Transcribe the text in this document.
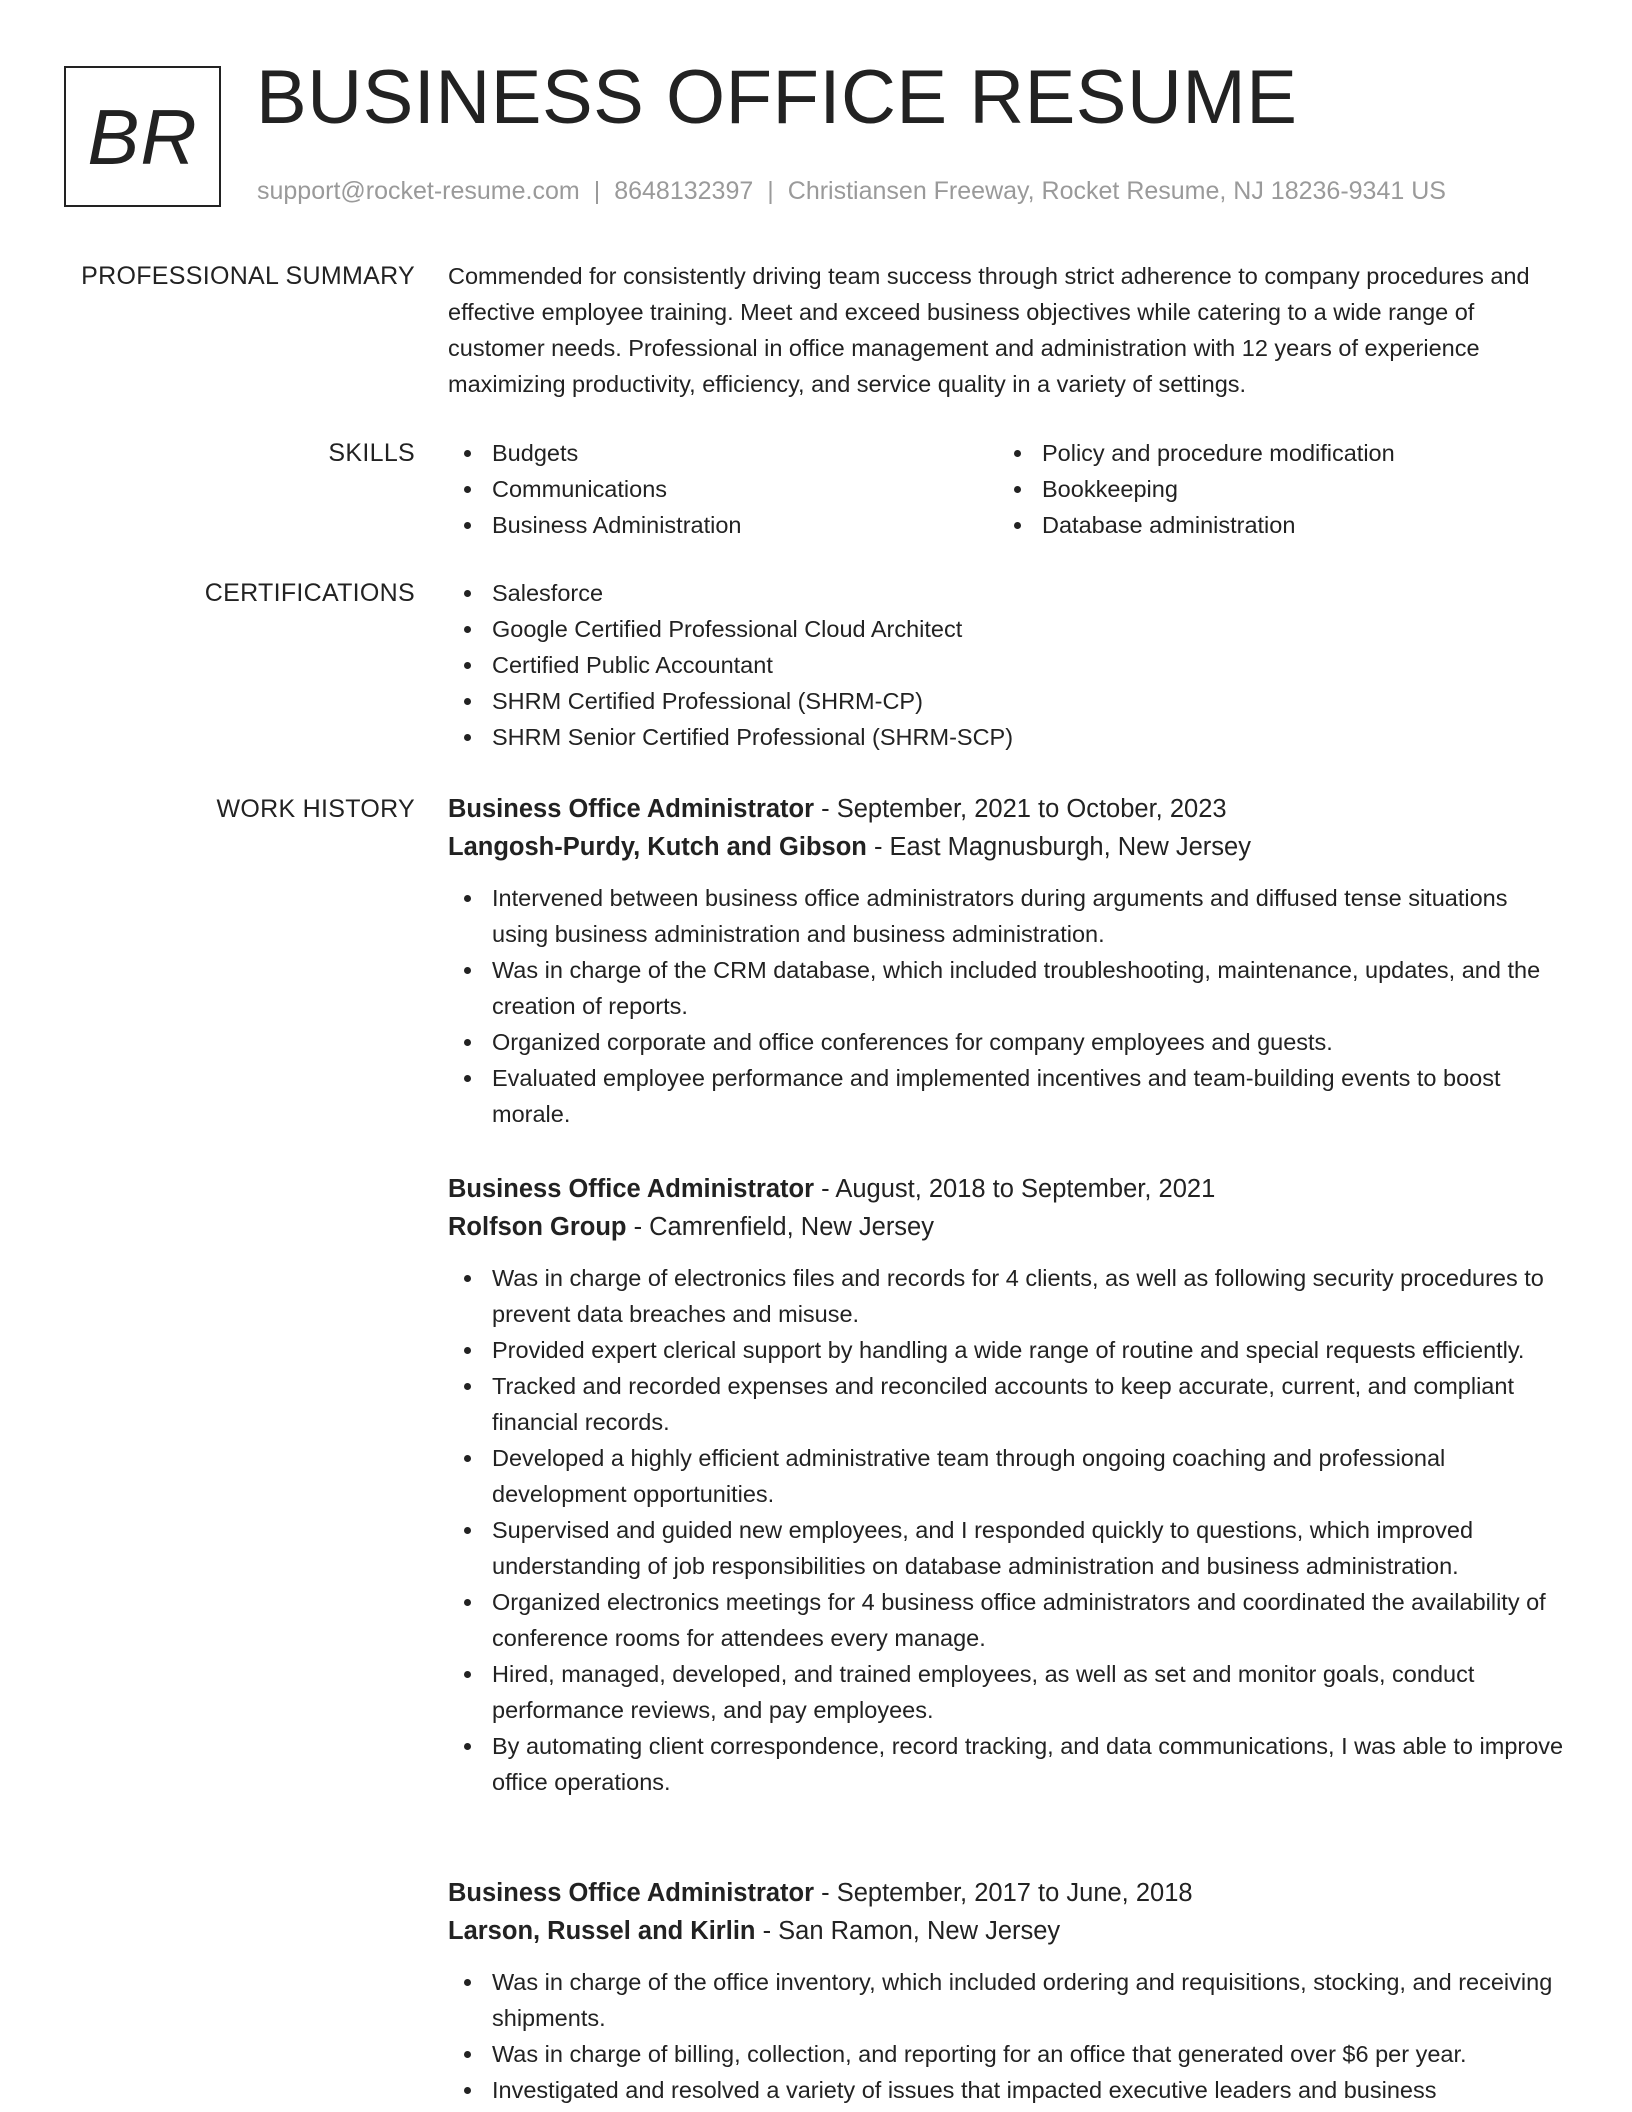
BR BUSINESS OFFICE RESUME
support@rocket-resume.com | 8648132397 | Christiansen Freeway, Rocket Resume, NJ 18236-9341 US
PROFESSIONAL SUMMARY Commended for consistently driving team success through strict adherence to company procedures and effective employee training. Meet and exceed business objectives while catering to a wide range of customer needs. Professional in office management and administration with 12 years of experience maximizing productivity, efficiency, and service quality in a variety of settings.

SKILLS	Budgets
Communications
Business Administration
Policy and procedure modification
Bookkeeping
Database administration
CERTIFICATIONS	Salesforce
Google Certified Professional Cloud Architect
Certified Public Accountant
SHRM Certified Professional (SHRM-CP)
SHRM Senior Certified Professional (SHRM-SCP)
WORK HISTORY Business Office Administrator - September, 2021 to October, 2023
Langosh-Purdy, Kutch and Gibson - East Magnusburgh, New Jersey
Intervened between business office administrators during arguments and diffused tense situations using business administration and business administration.
Was in charge of the CRM database, which included troubleshooting, maintenance, updates, and the creation of reports.
Organized corporate and office conferences for company employees and guests.
Evaluated employee performance and implemented incentives and team-building events to boost morale.
Business Office Administrator - August, 2018 to September, 2021
Rolfson Group - Camrenfield, New Jersey
Was in charge of electronics files and records for 4 clients, as well as following security procedures to prevent data breaches and misuse.
Provided expert clerical support by handling a wide range of routine and special requests efficiently.
Tracked and recorded expenses and reconciled accounts to keep accurate, current, and compliant financial records.
Developed a highly efficient administrative team through ongoing coaching and professional development opportunities.
Supervised and guided new employees, and I responded quickly to questions, which improved understanding of job responsibilities on database administration and business administration.
Organized electronics meetings for 4 business office administrators and coordinated the availability of conference rooms for attendees every manage.
Hired, managed, developed, and trained employees, as well as set and monitor goals, conduct performance reviews, and pay employees.
By automating client correspondence, record tracking, and data communications, I was able to improve office operations.
Business Office Administrator - September, 2017 to June, 2018
Larson, Russel and Kirlin - San Ramon, New Jersey
Was in charge of the office inventory, which included ordering and requisitions, stocking, and receiving shipments.
Was in charge of billing, collection, and reporting for an office that generated over $6 per year.
Investigated and resolved a variety of issues that impacted executive leaders and business
